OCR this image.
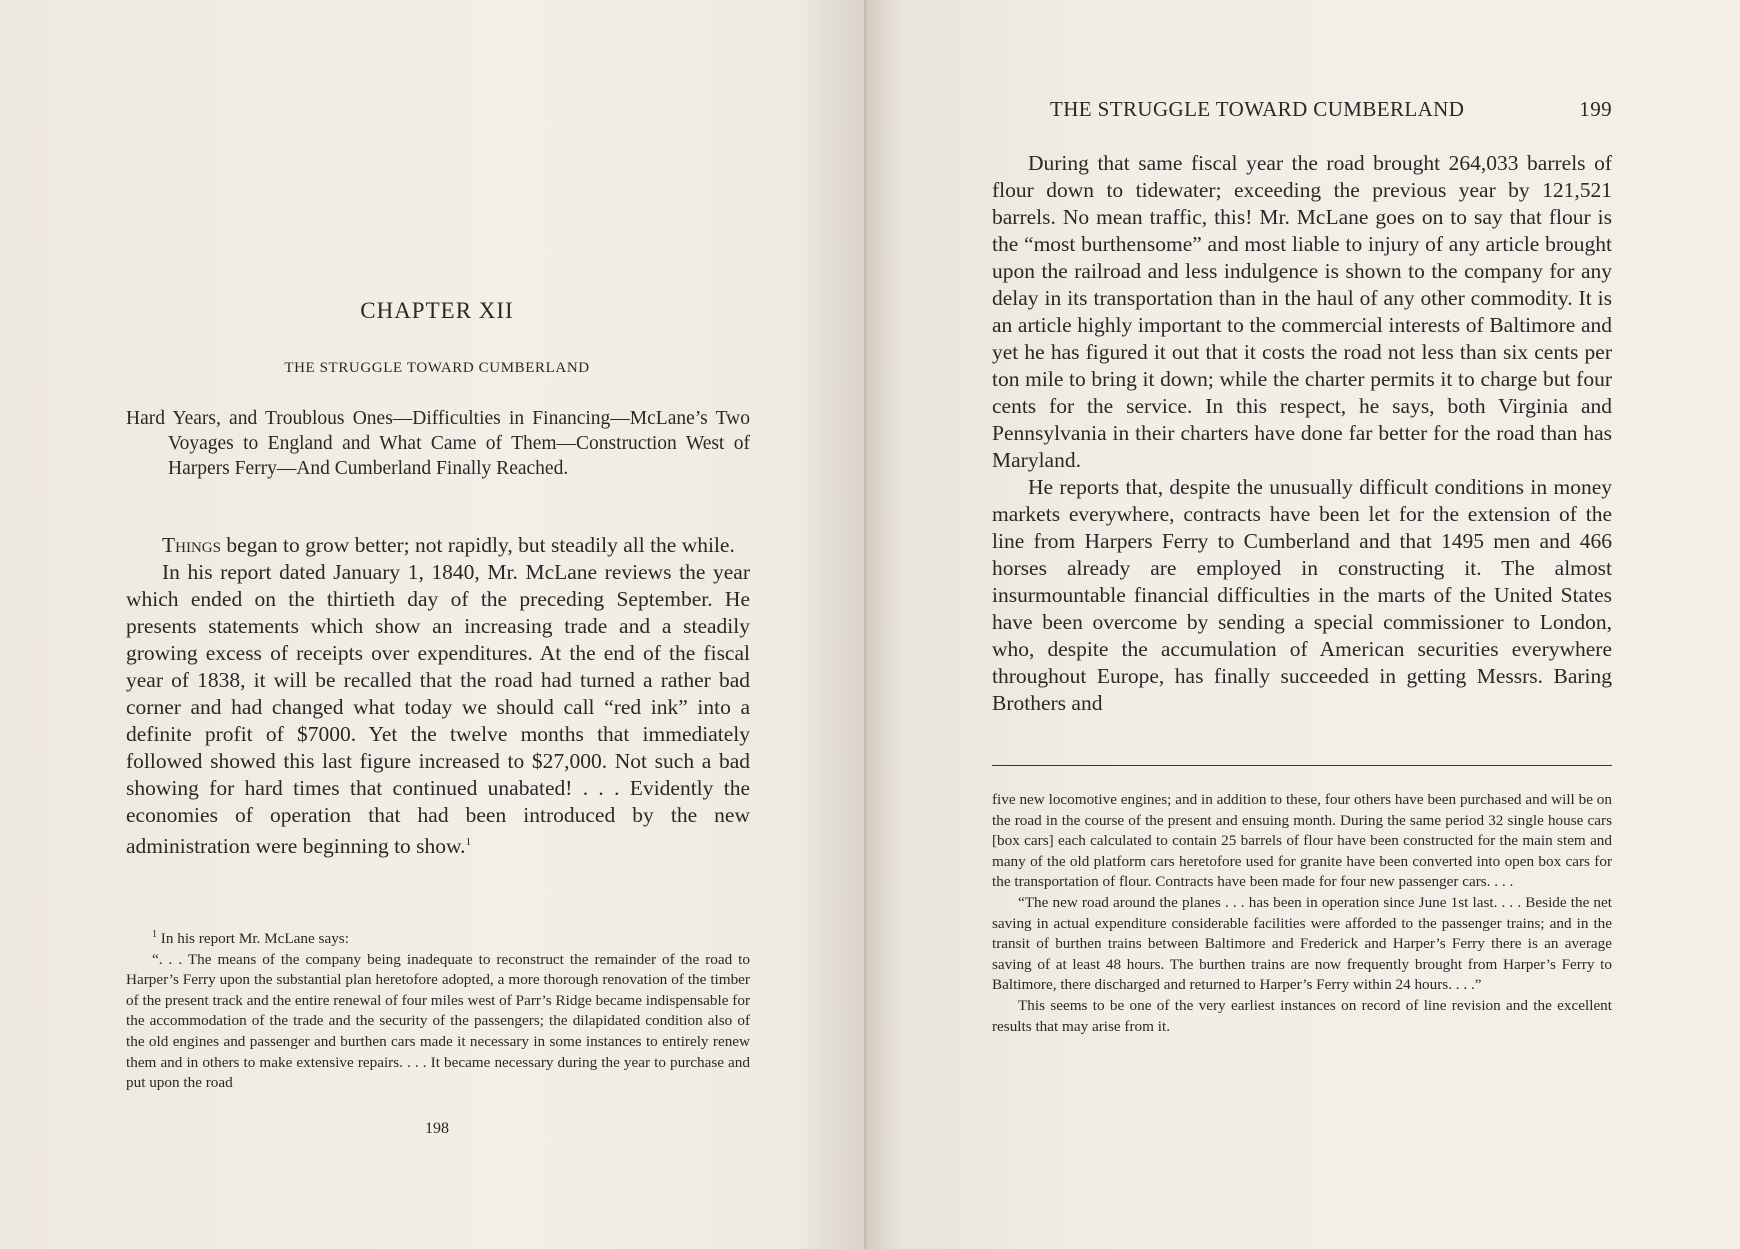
CHAPTER XII
THE STRUGGLE TOWARD CUMBERLAND
Hard Years, and Troublous Ones—Difficulties in Financing—McLane’s Two Voyages to England and What Came of Them—Construction West of Harpers Ferry—And Cumberland Finally Reached.

Things began to grow better; not rapidly, but steadily all the while.

In his report dated January 1, 1840, Mr. McLane reviews the year which ended on the thirtieth day of the preceding September. He presents statements which show an increasing trade and a steadily growing excess of receipts over expenditures. At the end of the fiscal year of 1838, it will be recalled that the road had turned a rather bad corner and had changed what today we should call “red ink” into a definite profit of $7000. Yet the twelve months that immediately followed showed this last figure increased to $27,000. Not such a bad showing for hard times that continued unabated! . . . Evidently the economies of operation that had been introduced by the new administration were beginning to show.$^1$

$^1$ In his report Mr. McLane says:

“. . . The means of the company being inadequate to reconstruct the remainder of the road to Harper’s Ferry upon the substantial plan heretofore adopted, a more thorough renovation of the timber of the present track and the entire renewal of four miles west of Parr’s Ridge became indispensable for the accommodation of the trade and the security of the passengers; the dilapidated condition also of the old engines and passenger and burthen cars made it necessary in some instances to entirely renew them and in others to make extensive repairs. . . . It became necessary during the year to purchase and put upon the road

198
THE STRUGGLE TOWARD CUMBERLAND	199

During that same fiscal year the road brought 264,033 barrels of flour down to tidewater; exceeding the previous year by 121,521 barrels. No mean traffic, this! Mr. McLane goes on to say that flour is the “most burthensome” and most liable to injury of any article brought upon the railroad and less indulgence is shown to the company for any delay in its transportation than in the haul of any other commodity. It is an article highly important to the commercial interests of Baltimore and yet he has figured it out that it costs the road not less than six cents per ton mile to bring it down; while the charter permits it to charge but four cents for the service. In this respect, he says, both Virginia and Pennsylvania in their charters have done far better for the road than has Maryland.

He reports that, despite the unusually difficult conditions in money markets everywhere, contracts have been let for the extension of the line from Harpers Ferry to Cumberland and that 1495 men and 466 horses already are employed in constructing it. The almost insurmountable financial difficulties in the marts of the United States have been overcome by sending a special commissioner to London, who, despite the accumulation of American securities everywhere throughout Europe, has finally succeeded in getting Messrs. Baring Brothers and

five new locomotive engines; and in addition to these, four others have been purchased and will be on the road in the course of the present and ensuing month. During the same period 32 single house cars [box cars] each calculated to contain 25 barrels of flour have been constructed for the main stem and many of the old platform cars heretofore used for granite have been converted into open box cars for the transportation of flour. Contracts have been made for four new passenger cars. . . .

“The new road around the planes . . . has been in operation since June 1st last. . . . Beside the net saving in actual expenditure considerable facilities were afforded to the passenger trains; and in the transit of burthen trains between Baltimore and Frederick and Harper’s Ferry there is an average saving of at least 48 hours. The burthen trains are now frequently brought from Harper’s Ferry to Baltimore, there discharged and returned to Harper’s Ferry within 24 hours. . . .”

This seems to be one of the very earliest instances on record of line revision and the excellent results that may arise from it.
